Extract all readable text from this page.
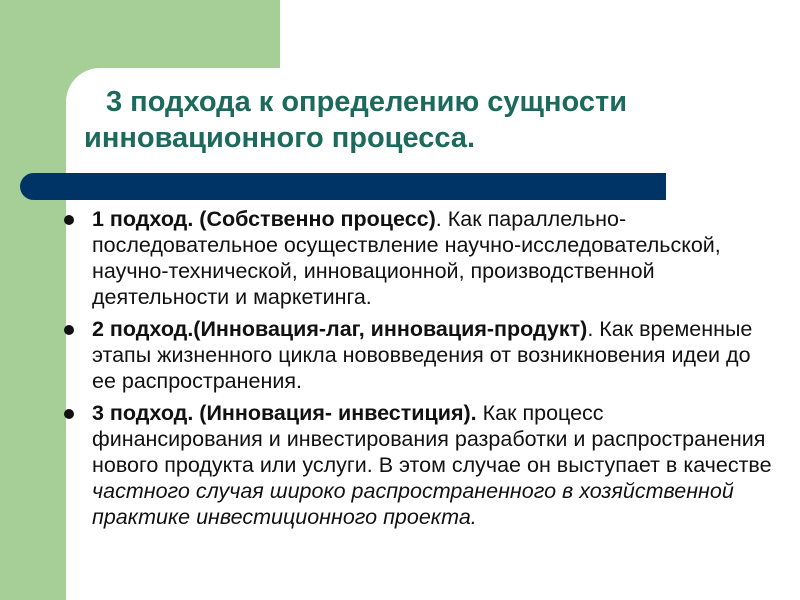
3 подхода к определению сущности инновационного процесса.
1 подход. (Собственно процесс). Как параллельно-последовательное осуществление научно-исследовательской, научно-технической, инновационной, производственной деятельности и маркетинга.
2 подход.(Инновация-лаг, инновация-продукт). Как временные этапы жизненного цикла нововведения от возникновения идеи до ее распространения.
3 подход. (Инновация- инвестиция). Как процесс финансирования и инвестирования разработки и распространения нового продукта или услуги. В этом случае он выступает в качестве частного случая широко распространенного в хозяйственной практике инвестиционного проекта.
